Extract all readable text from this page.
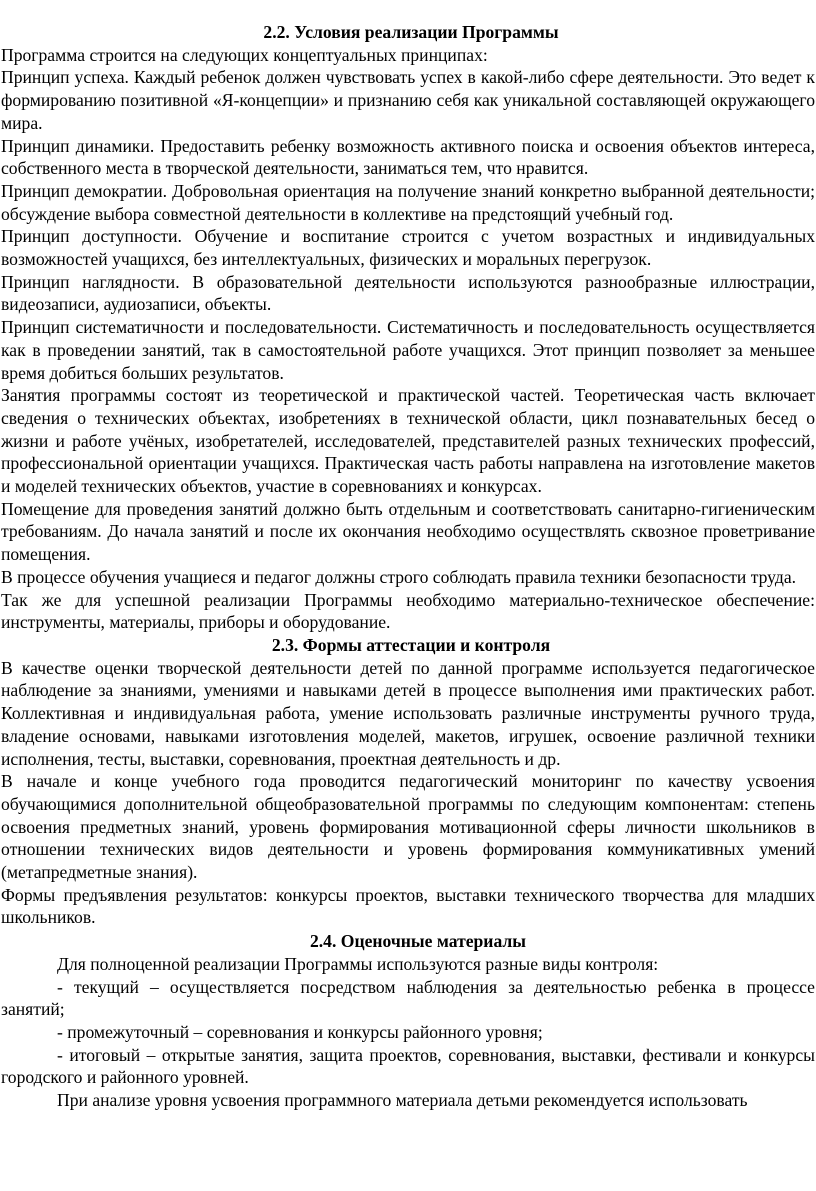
2.2. Условия реализации Программы

Программа строится на следующих концептуальных принципах:

Принцип успеха. Каждый ребенок должен чувствовать успех в какой-либо сфере деятельности. Это ведет к формированию позитивной «Я-концепции» и признанию себя как уникальной составляющей окружающего мира.

Принцип динамики. Предоставить ребенку возможность активного поиска и освоения объектов интереса, собственного места в творческой деятельности, заниматься тем, что нравится.

Принцип демократии. Добровольная ориентация на получение знаний конкретно выбранной деятельности; обсуждение выбора совместной деятельности в коллективе на предстоящий учебный год.

Принцип доступности. Обучение и воспитание строится с учетом возрастных и индивидуальных возможностей учащихся, без интеллектуальных, физических и моральных перегрузок.

Принцип наглядности. В образовательной деятельности используются разнообразные иллюстрации, видеозаписи, аудиозаписи, объекты.

Принцип систематичности и последовательности. Систематичность и последовательность осуществляется как в проведении занятий, так в самостоятельной работе учащихся. Этот принцип позволяет за меньшее время добиться больших результатов.

Занятия программы состоят из теоретической и практической частей. Теоретическая часть включает сведения о технических объектах, изобретениях в технической области, цикл познавательных бесед о жизни и работе учёных, изобретателей, исследователей, представителей разных технических профессий, профессиональной ориентации учащихся. Практическая часть работы направлена на изготовление макетов и моделей технических объектов, участие в соревнованиях и конкурсах.

Помещение для проведения занятий должно быть отдельным и соответствовать санитарно-гигиеническим требованиям. До начала занятий и после их окончания необходимо осуществлять сквозное проветривание помещения.

В процессе обучения учащиеся и педагог должны строго соблюдать правила техники безопасности труда.

Так же для успешной реализации Программы необходимо материально-техническое обеспечение: инструменты, материалы, приборы и оборудование.

2.3. Формы аттестации и контроля

В качестве оценки творческой деятельности детей по данной программе используется педагогическое наблюдение за знаниями, умениями и навыками детей в процессе выполнения ими практических работ. Коллективная и индивидуальная работа, умение использовать различные инструменты ручного труда, владение основами, навыками изготовления моделей, макетов, игрушек, освоение различной техники исполнения, тесты, выставки, соревнования, проектная деятельность и др.

В начале и конце учебного года проводится педагогический мониторинг по качеству усвоения обучающимися дополнительной общеобразовательной программы по следующим компонентам: степень освоения предметных знаний, уровень формирования мотивационной сферы личности школьников в отношении технических видов деятельности и уровень формирования коммуникативных умений (метапредметные знания).

Формы предъявления результатов: конкурсы проектов, выставки технического творчества для младших школьников.

2.4. Оценочные материалы

Для полноценной реализации Программы используются разные виды контроля:

- текущий – осуществляется посредством наблюдения за деятельностью ребенка в процессе занятий;

- промежуточный – соревнования и конкурсы районного уровня;

- итоговый – открытые занятия, защита проектов, соревнования, выставки, фестивали и конкурсы городского и районного уровней.

При анализе уровня усвоения программного материала детьми рекомендуется использовать
